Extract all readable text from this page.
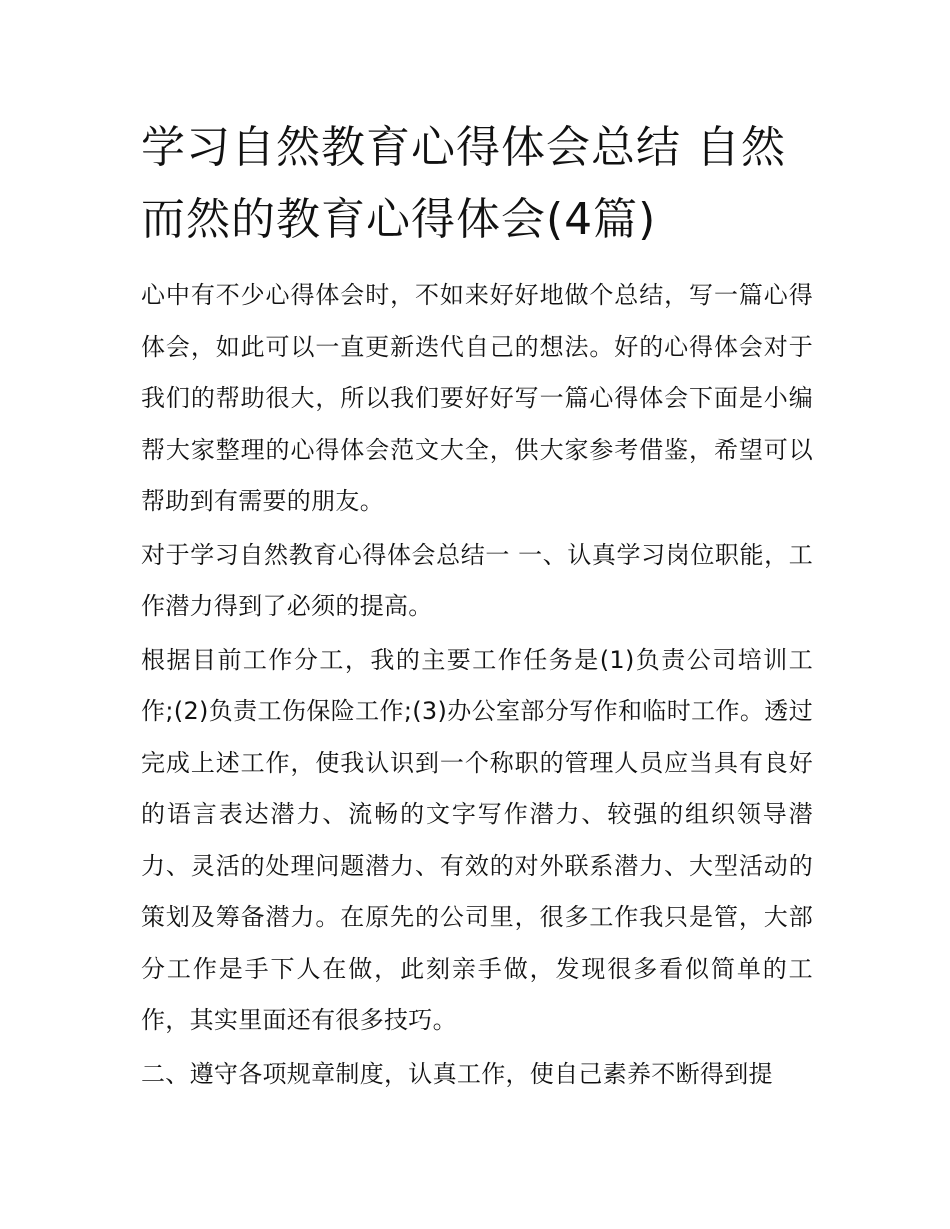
学习自然教育心得体会总结 自然而然的教育心得体会(4篇)

心中有不少心得体会时，不如来好好地做个总结，写一篇心得体会，如此可以一直更新迭代自己的想法。好的心得体会对于我们的帮助很大，所以我们要好好写一篇心得体会下面是小编帮大家整理的心得体会范文大全，供大家参考借鉴，希望可以帮助到有需要的朋友。

对于学习自然教育心得体会总结一 一、认真学习岗位职能，工作潜力得到了必须的提高。

根据目前工作分工，我的主要工作任务是(1)负责公司培训工作;(2)负责工伤保险工作;(3)办公室部分写作和临时工作。透过完成上述工作，使我认识到一个称职的管理人员应当具有良好的语言表达潜力、流畅的文字写作潜力、较强的组织领导潜力、灵活的处理问题潜力、有效的对外联系潜力、大型活动的策划及筹备潜力。在原先的公司里，很多工作我只是管，大部分工作是手下人在做，此刻亲手做，发现很多看似简单的工作，其实里面还有很多技巧。

二、遵守各项规章制度，认真工作，使自己素养不断得到提
